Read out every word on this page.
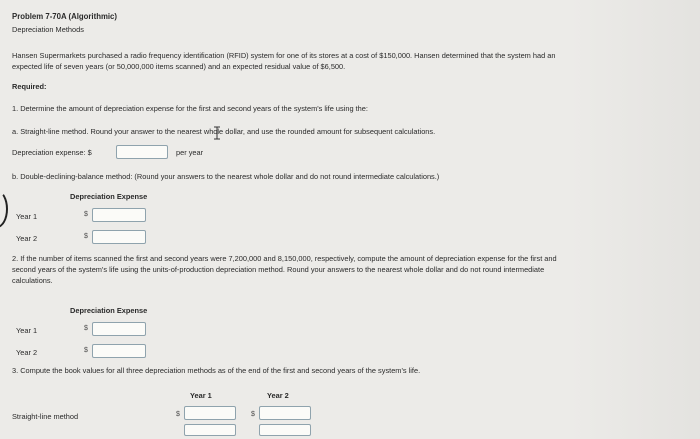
Problem 7-70A (Algorithmic)
Depreciation Methods
Hansen Supermarkets purchased a radio frequency identification (RFID) system for one of its stores at a cost of $150,000. Hansen determined that the system had an
expected life of seven years (or 50,000,000 items scanned) and an expected residual value of $6,500.
Required:
1. Determine the amount of depreciation expense for the first and second years of the system's life using the:
a. Straight-line method. Round your answer to the nearest whole dollar, and use the rounded amount for subsequent calculations.
Depreciation expense: $	per year
b. Double-declining-balance method: (Round your answers to the nearest whole dollar and do not round intermediate calculations.)
Depreciation Expense
Year 1	$
Year 2	$
2. If the number of items scanned the first and second years were 7,200,000 and 8,150,000, respectively, compute the amount of depreciation expense for the first and
second years of the system's life using the units-of-production depreciation method. Round your answers to the nearest whole dollar and do not round intermediate
calculations.
Depreciation Expense
Year 1	$
Year 2	$
3. Compute the book values for all three depreciation methods as of the end of the first and second years of the system's life.
Year 1	Year 2
Straight-line method	$	$
